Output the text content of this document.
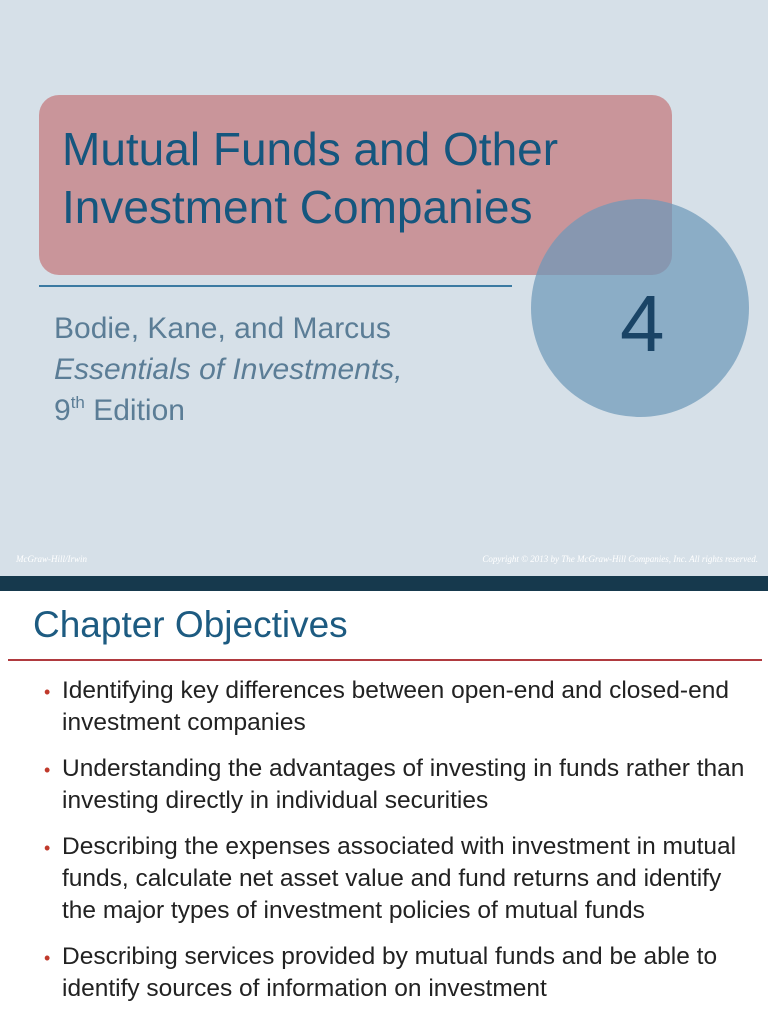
Mutual Funds and Other Investment Companies
4

Bodie, Kane, and Marcus

Essentials of Investments,

9th Edition

McGraw-Hill/Irwin	Copyright © 2013 by The McGraw-Hill Companies, Inc. All rights reserved.
Chapter Objectives
• Identifying key differences between open-end and closed-end investment companies
• Understanding the advantages of investing in funds rather than investing directly in individual securities
• Describing the expenses associated with investment in mutual funds, calculate net asset value and fund returns and identify the major types of investment policies of mutual funds
• Describing services provided by mutual funds and be able to identify sources of information on investment
